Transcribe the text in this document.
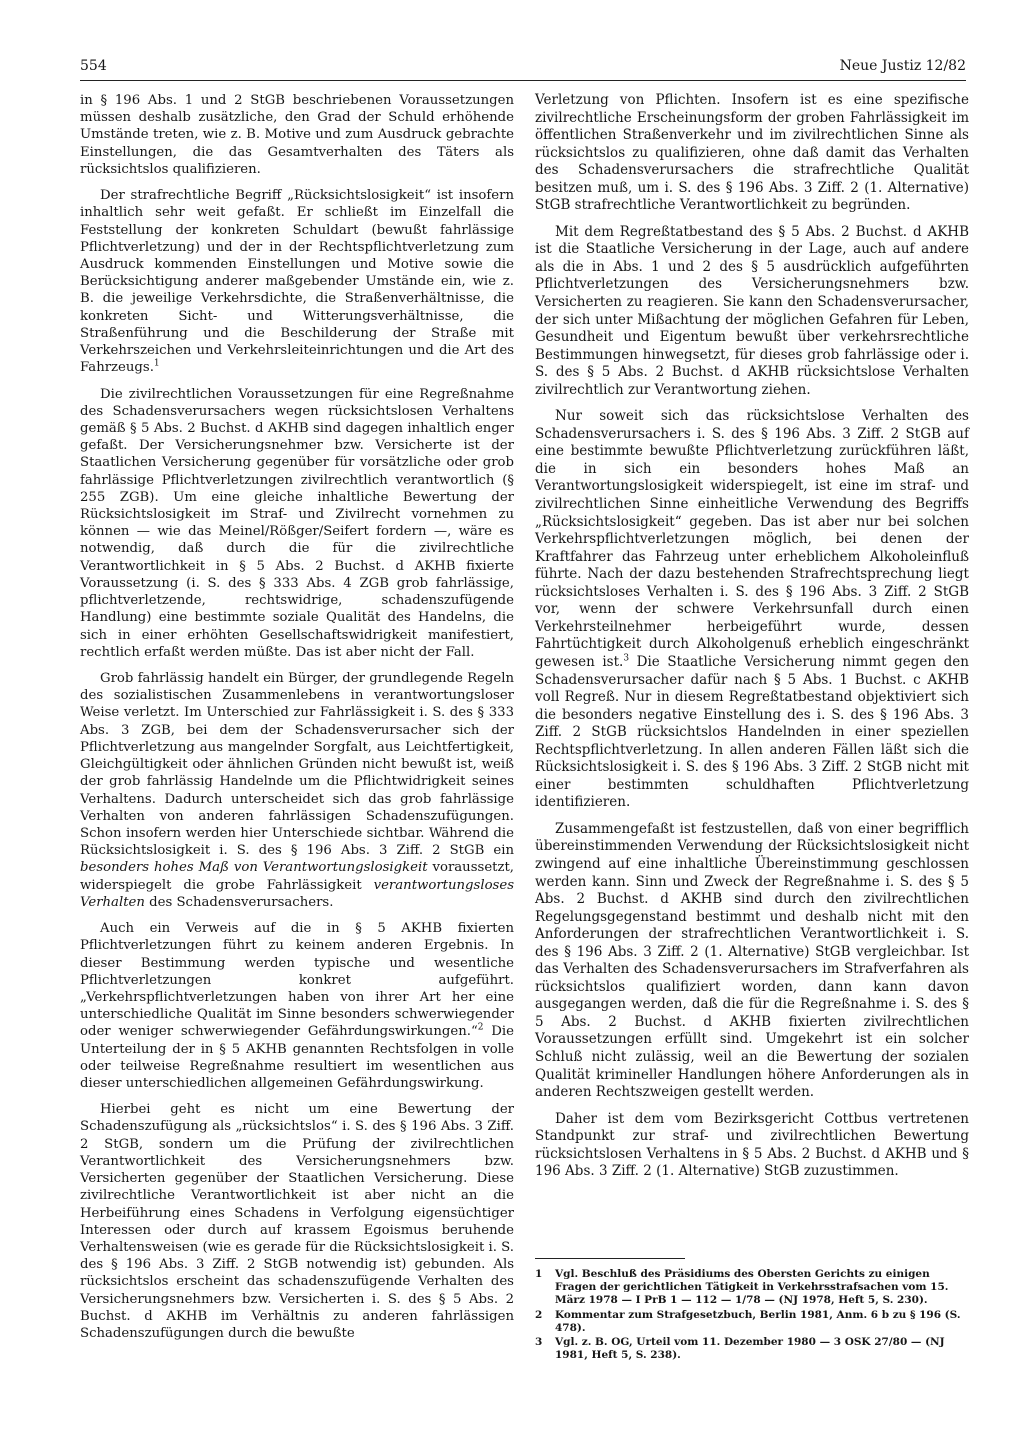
554	Neue Justiz 12/82

in § 196 Abs. 1 und 2 StGB beschriebenen Voraussetzungen müssen deshalb zusätzliche, den Grad der Schuld erhöhende Umstände treten, wie z. B. Motive und zum Ausdruck gebrachte Einstellungen, die das Gesamtverhalten des Täters als rücksichtslos qualifizieren.

Der strafrechtliche Begriff „Rücksichtslosigkeit“ ist insofern inhaltlich sehr weit gefaßt. Er schließt im Einzelfall die Feststellung der konkreten Schuldart (bewußt fahrlässige Pflichtverletzung) und der in der Rechtspflichtverletzung zum Ausdruck kommenden Einstellungen und Motive sowie die Berücksichtigung anderer maßgebender Umstände ein, wie z. B. die jeweilige Verkehrsdichte, die Straßenverhältnisse, die konkreten Sicht- und Witterungsverhältnisse, die Straßenführung und die Beschilderung der Straße mit Verkehrszeichen und Verkehrsleiteinrichtungen und die Art des Fahrzeugs.$^1$

Die zivilrechtlichen Voraussetzungen für eine Regreßnahme des Schadensverursachers wegen rücksichtslosen Verhaltens gemäß § 5 Abs. 2 Buchst. d AKHB sind dagegen inhaltlich enger gefaßt. Der Versicherungsnehmer bzw. Versicherte ist der Staatlichen Versicherung gegenüber für vorsätzliche oder grob fahrlässige Pflichtverletzungen zivilrechtlich verantwortlich (§ 255 ZGB). Um eine gleiche inhaltliche Bewertung der Rücksichtslosigkeit im Straf- und Zivilrecht vornehmen zu können — wie das Meinel/Rößger/Seifert fordern —, wäre es notwendig, daß durch die für die zivilrechtliche Verantwortlichkeit in § 5 Abs. 2 Buchst. d AKHB fixierte Voraussetzung (i. S. des § 333 Abs. 4 ZGB grob fahrlässige, pflichtverletzende, rechtswidrige, schadenszufügende Handlung) eine bestimmte soziale Qualität des Handelns, die sich in einer erhöhten Gesellschaftswidrigkeit manifestiert, rechtlich erfaßt werden müßte. Das ist aber nicht der Fall.

Grob fahrlässig handelt ein Bürger, der grundlegende Regeln des sozialistischen Zusammenlebens in verantwortungsloser Weise verletzt. Im Unterschied zur Fahrlässigkeit i. S. des § 333 Abs. 3 ZGB, bei dem der Schadensverursacher sich der Pflichtverletzung aus mangelnder Sorgfalt, aus Leichtfertigkeit, Gleichgültigkeit oder ähnlichen Gründen nicht bewußt ist, weiß der grob fahrlässig Handelnde um die Pflichtwidrigkeit seines Verhaltens. Dadurch unterscheidet sich das grob fahrlässige Verhalten von anderen fahrlässigen Schadenszufügungen. Schon insofern werden hier Unterschiede sichtbar. Während die Rücksichtslosigkeit i. S. des § 196 Abs. 3 Ziff. 2 StGB ein besonders hohes Maß von Verantwortungslosigkeit voraussetzt, widerspiegelt die grobe Fahrlässigkeit verantwortungsloses Verhalten des Schadensverursachers.

Auch ein Verweis auf die in § 5 AKHB fixierten Pflichtverletzungen führt zu keinem anderen Ergebnis. In dieser Bestimmung werden typische und wesentliche Pflichtverletzungen konkret aufgeführt. „Verkehrspflichtverletzungen haben von ihrer Art her eine unterschiedliche Qualität im Sinne besonders schwerwiegender oder weniger schwerwiegender Gefährdungswirkungen.“$^2$ Die Unterteilung der in § 5 AKHB genannten Rechtsfolgen in volle oder teilweise Regreßnahme resultiert im wesentlichen aus dieser unterschiedlichen allgemeinen Gefährdungswirkung.

Hierbei geht es nicht um eine Bewertung der Schadenszufügung als „rücksichtslos“ i. S. des § 196 Abs. 3 Ziff. 2 StGB, sondern um die Prüfung der zivilrechtlichen Verantwortlichkeit des Versicherungsnehmers bzw. Versicherten gegenüber der Staatlichen Versicherung. Diese zivilrechtliche Verantwortlichkeit ist aber nicht an die Herbeiführung eines Schadens in Verfolgung eigensüchtiger Interessen oder durch auf krassem Egoismus beruhende Verhaltensweisen (wie es gerade für die Rücksichtslosigkeit i. S. des § 196 Abs. 3 Ziff. 2 StGB notwendig ist) gebunden. Als rücksichtslos erscheint das schadenszufügende Verhalten des Versicherungsnehmers bzw. Versicherten i. S. des § 5 Abs. 2 Buchst. d AKHB im Verhältnis zu anderen fahrlässigen Schadenszufügungen durch die bewußte

Verletzung von Pflichten. Insofern ist es eine spezifische zivilrechtliche Erscheinungsform der groben Fahrlässigkeit im öffentlichen Straßenverkehr und im zivilrechtlichen Sinne als rücksichtslos zu qualifizieren, ohne daß damit das Verhalten des Schadensverursachers die strafrechtliche Qualität besitzen muß, um i. S. des § 196 Abs. 3 Ziff. 2 (1. Alternative) StGB strafrechtliche Verantwortlichkeit zu begründen.

Mit dem Regreßtatbestand des § 5 Abs. 2 Buchst. d AKHB ist die Staatliche Versicherung in der Lage, auch auf andere als die in Abs. 1 und 2 des § 5 ausdrücklich aufgeführten Pflichtverletzungen des Versicherungsnehmers bzw. Versicherten zu reagieren. Sie kann den Schadensverursacher, der sich unter Mißachtung der möglichen Gefahren für Leben, Gesundheit und Eigentum bewußt über verkehrsrechtliche Bestimmungen hinwegsetzt, für dieses grob fahrlässige oder i. S. des § 5 Abs. 2 Buchst. d AKHB rücksichtslose Verhalten zivilrechtlich zur Verantwortung ziehen.

Nur soweit sich das rücksichtslose Verhalten des Schadensverursachers i. S. des § 196 Abs. 3 Ziff. 2 StGB auf eine bestimmte bewußte Pflichtverletzung zurückführen läßt, die in sich ein besonders hohes Maß an Verantwortungslosigkeit widerspiegelt, ist eine im straf- und zivilrechtlichen Sinne einheitliche Verwendung des Begriffs „Rücksichtslosigkeit“ gegeben. Das ist aber nur bei solchen Verkehrspflichtverletzungen möglich, bei denen der Kraftfahrer das Fahrzeug unter erheblichem Alkoholeinfluß führte. Nach der dazu bestehenden Strafrechtsprechung liegt rücksichtsloses Verhalten i. S. des § 196 Abs. 3 Ziff. 2 StGB vor, wenn der schwere Verkehrsunfall durch einen Verkehrsteilnehmer herbeigeführt wurde, dessen Fahrtüchtigkeit durch Alkoholgenuß erheblich eingeschränkt gewesen ist.$^3$ Die Staatliche Versicherung nimmt gegen den Schadensverursacher dafür nach § 5 Abs. 1 Buchst. c AKHB voll Regreß. Nur in diesem Regreßtatbestand objektiviert sich die besonders negative Einstellung des i. S. des § 196 Abs. 3 Ziff. 2 StGB rücksichtslos Handelnden in einer speziellen Rechtspflichtverletzung. In allen anderen Fällen läßt sich die Rücksichtslosigkeit i. S. des § 196 Abs. 3 Ziff. 2 StGB nicht mit einer bestimmten schuldhaften Pflichtverletzung identifizieren.

Zusammengefaßt ist festzustellen, daß von einer begrifflich übereinstimmenden Verwendung der Rücksichtslosigkeit nicht zwingend auf eine inhaltliche Übereinstimmung geschlossen werden kann. Sinn und Zweck der Regreßnahme i. S. des § 5 Abs. 2 Buchst. d AKHB sind durch den zivilrechtlichen Regelungsgegenstand bestimmt und deshalb nicht mit den Anforderungen der strafrechtlichen Verantwortlichkeit i. S. des § 196 Abs. 3 Ziff. 2 (1. Alternative) StGB vergleichbar. Ist das Verhalten des Schadensverursachers im Strafverfahren als rücksichtslos qualifiziert worden, dann kann davon ausgegangen werden, daß die für die Regreßnahme i. S. des § 5 Abs. 2 Buchst. d AKHB fixierten zivilrechtlichen Voraussetzungen erfüllt sind. Umgekehrt ist ein solcher Schluß nicht zulässig, weil an die Bewertung der sozialen Qualität krimineller Handlungen höhere Anforderungen als in anderen Rechtszweigen gestellt werden.

Daher ist dem vom Bezirksgericht Cottbus vertretenen Standpunkt zur straf- und zivilrechtlichen Bewertung rücksichtslosen Verhaltens in § 5 Abs. 2 Buchst. d AKHB und § 196 Abs. 3 Ziff. 2 (1. Alternative) StGB zuzustimmen.

1	Vgl. Beschluß des Präsidiums des Obersten Gerichts zu einigen Fragen der gerichtlichen Tätigkeit in Verkehrsstrafsachen vom 15. März 1978 — I PrB 1 — 112 — 1/78 — (NJ 1978, Heft 5, S. 230).
2	Kommentar zum Strafgesetzbuch, Berlin 1981, Anm. 6 b zu § 196 (S. 478).
3	Vgl. z. B. OG, Urteil vom 11. Dezember 1980 — 3 OSK 27/80 — (NJ 1981, Heft 5, S. 238).
